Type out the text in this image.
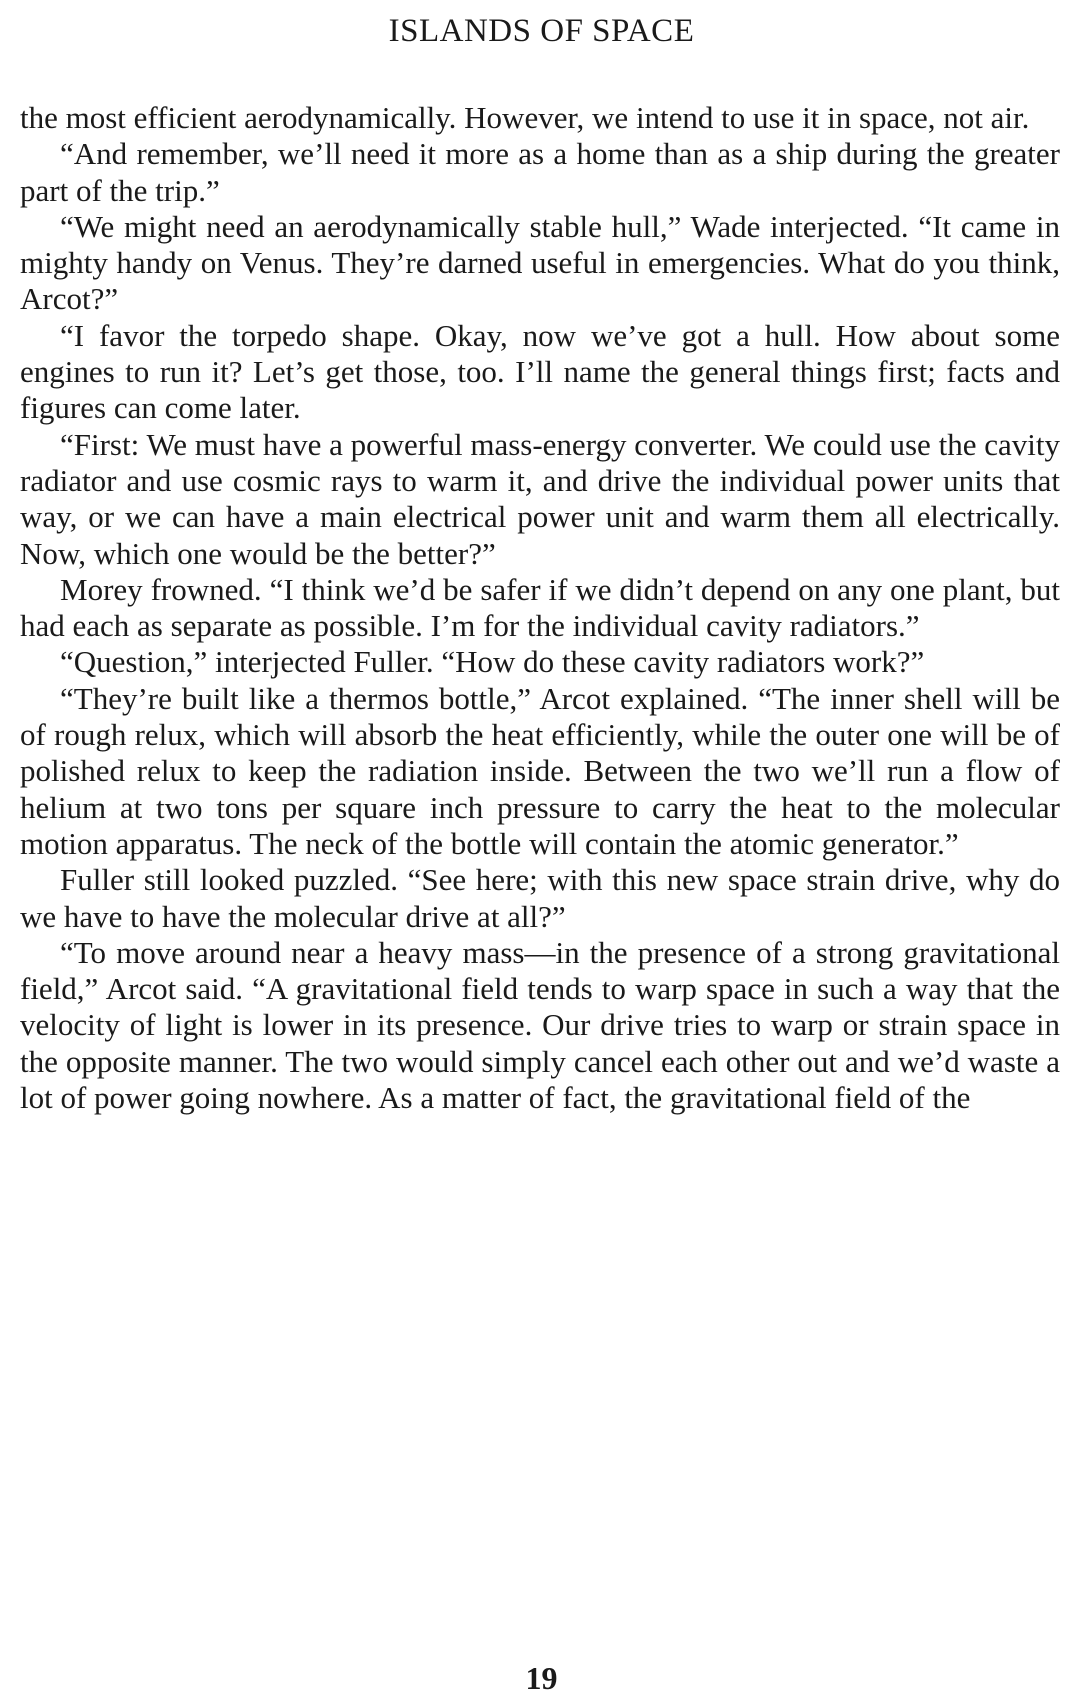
ISLANDS OF SPACE

the most efficient aerodynamically. However, we intend to use it in space, not air.

“And remember, we’ll need it more as a home than as a ship during the greater part of the trip.”

“We might need an aerodynamically stable hull,” Wade interjected. “It came in mighty handy on Venus. They’re darned useful in emergencies. What do you think, Arcot?”

“I favor the torpedo shape. Okay, now we’ve got a hull. How about some engines to run it? Let’s get those, too. I’ll name the general things first; facts and figures can come later.

“First: We must have a powerful mass-energy converter. We could use the cavity radiator and use cosmic rays to warm it, and drive the individual power units that way, or we can have a main electrical power unit and warm them all electrically. Now, which one would be the better?”

Morey frowned. “I think we’d be safer if we didn’t depend on any one plant, but had each as separate as possible. I’m for the individual cavity radiators.”

“Question,” interjected Fuller. “How do these cavity radiators work?”

“They’re built like a thermos bottle,” Arcot explained. “The inner shell will be of rough relux, which will absorb the heat efficiently, while the outer one will be of polished relux to keep the radiation inside. Between the two we’ll run a flow of helium at two tons per square inch pressure to carry the heat to the molecular motion apparatus. The neck of the bottle will contain the atomic generator.”

Fuller still looked puzzled. “See here; with this new space strain drive, why do we have to have the molecular drive at all?”

“To move around near a heavy mass—in the presence of a strong gravitational field,” Arcot said. “A gravitational field tends to warp space in such a way that the velocity of light is lower in its presence. Our drive tries to warp or strain space in the opposite manner. The two would simply cancel each other out and we’d waste a lot of power going nowhere. As a matter of fact, the gravitational field of the

19
